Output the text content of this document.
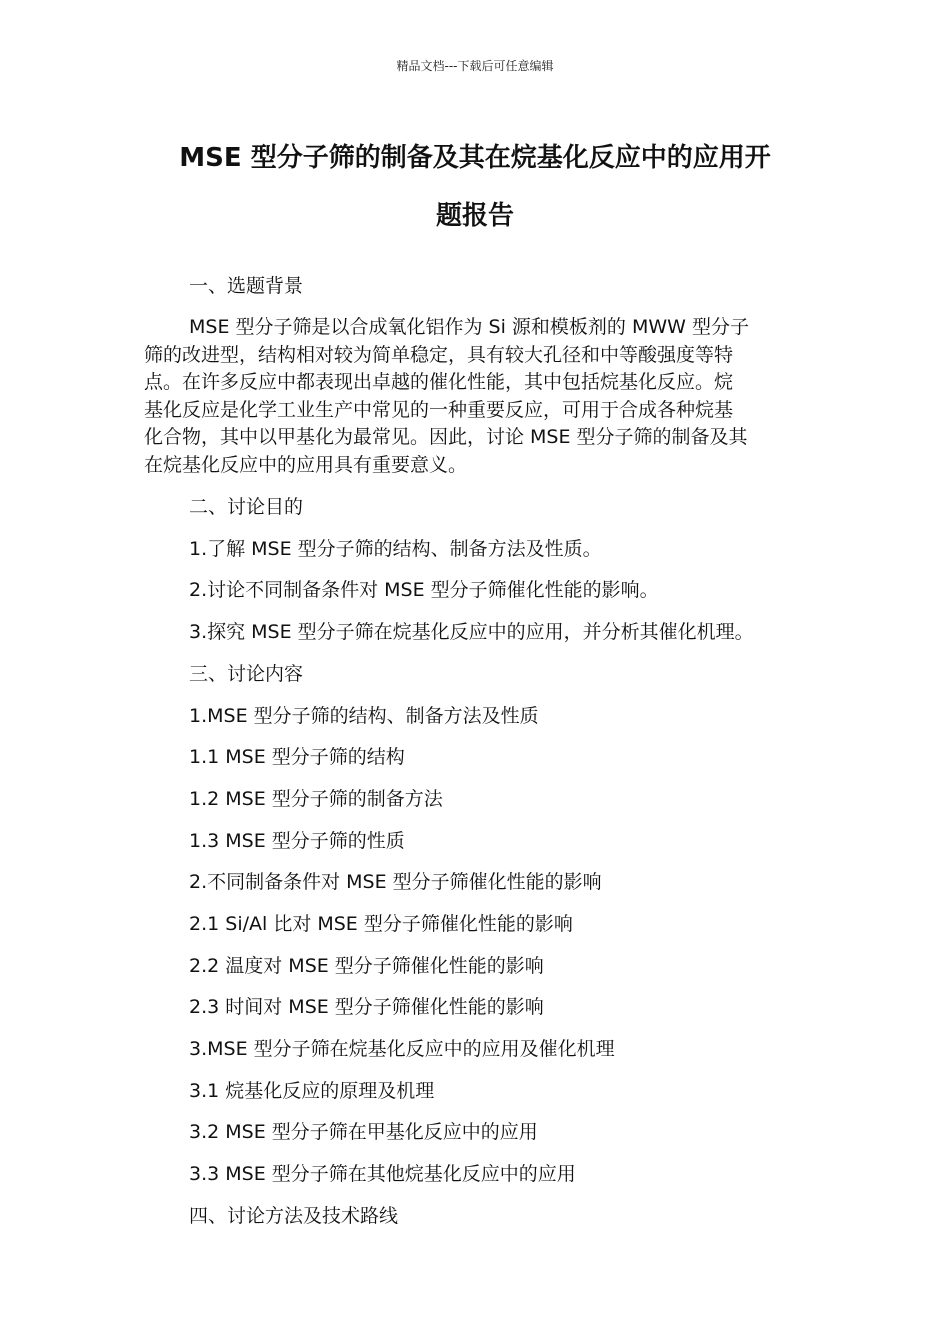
精品文档---下载后可任意编辑
MSE 型分子筛的制备及其在烷基化反应中的应用开
题报告

一、选题背景

MSE 型分子筛是以合成氧化铝作为 Si 源和模板剂的 MWW 型分子
筛的改进型，结构相对较为简单稳定，具有较大孔径和中等酸强度等特
点。在许多反应中都表现出卓越的催化性能，其中包括烷基化反应。烷
基化反应是化学工业生产中常见的一种重要反应，可用于合成各种烷基
化合物，其中以甲基化为最常见。因此，讨论 MSE 型分子筛的制备及其
在烷基化反应中的应用具有重要意义。

二、讨论目的

1.了解 MSE 型分子筛的结构、制备方法及性质。

2.讨论不同制备条件对 MSE 型分子筛催化性能的影响。

3.探究 MSE 型分子筛在烷基化反应中的应用，并分析其催化机理。

三、讨论内容

1.MSE 型分子筛的结构、制备方法及性质

1.1 MSE 型分子筛的结构

1.2 MSE 型分子筛的制备方法

1.3 MSE 型分子筛的性质

2.不同制备条件对 MSE 型分子筛催化性能的影响

2.1 Si/Al 比对 MSE 型分子筛催化性能的影响

2.2 温度对 MSE 型分子筛催化性能的影响

2.3 时间对 MSE 型分子筛催化性能的影响

3.MSE 型分子筛在烷基化反应中的应用及催化机理

3.1 烷基化反应的原理及机理

3.2 MSE 型分子筛在甲基化反应中的应用

3.3 MSE 型分子筛在其他烷基化反应中的应用

四、讨论方法及技术路线
